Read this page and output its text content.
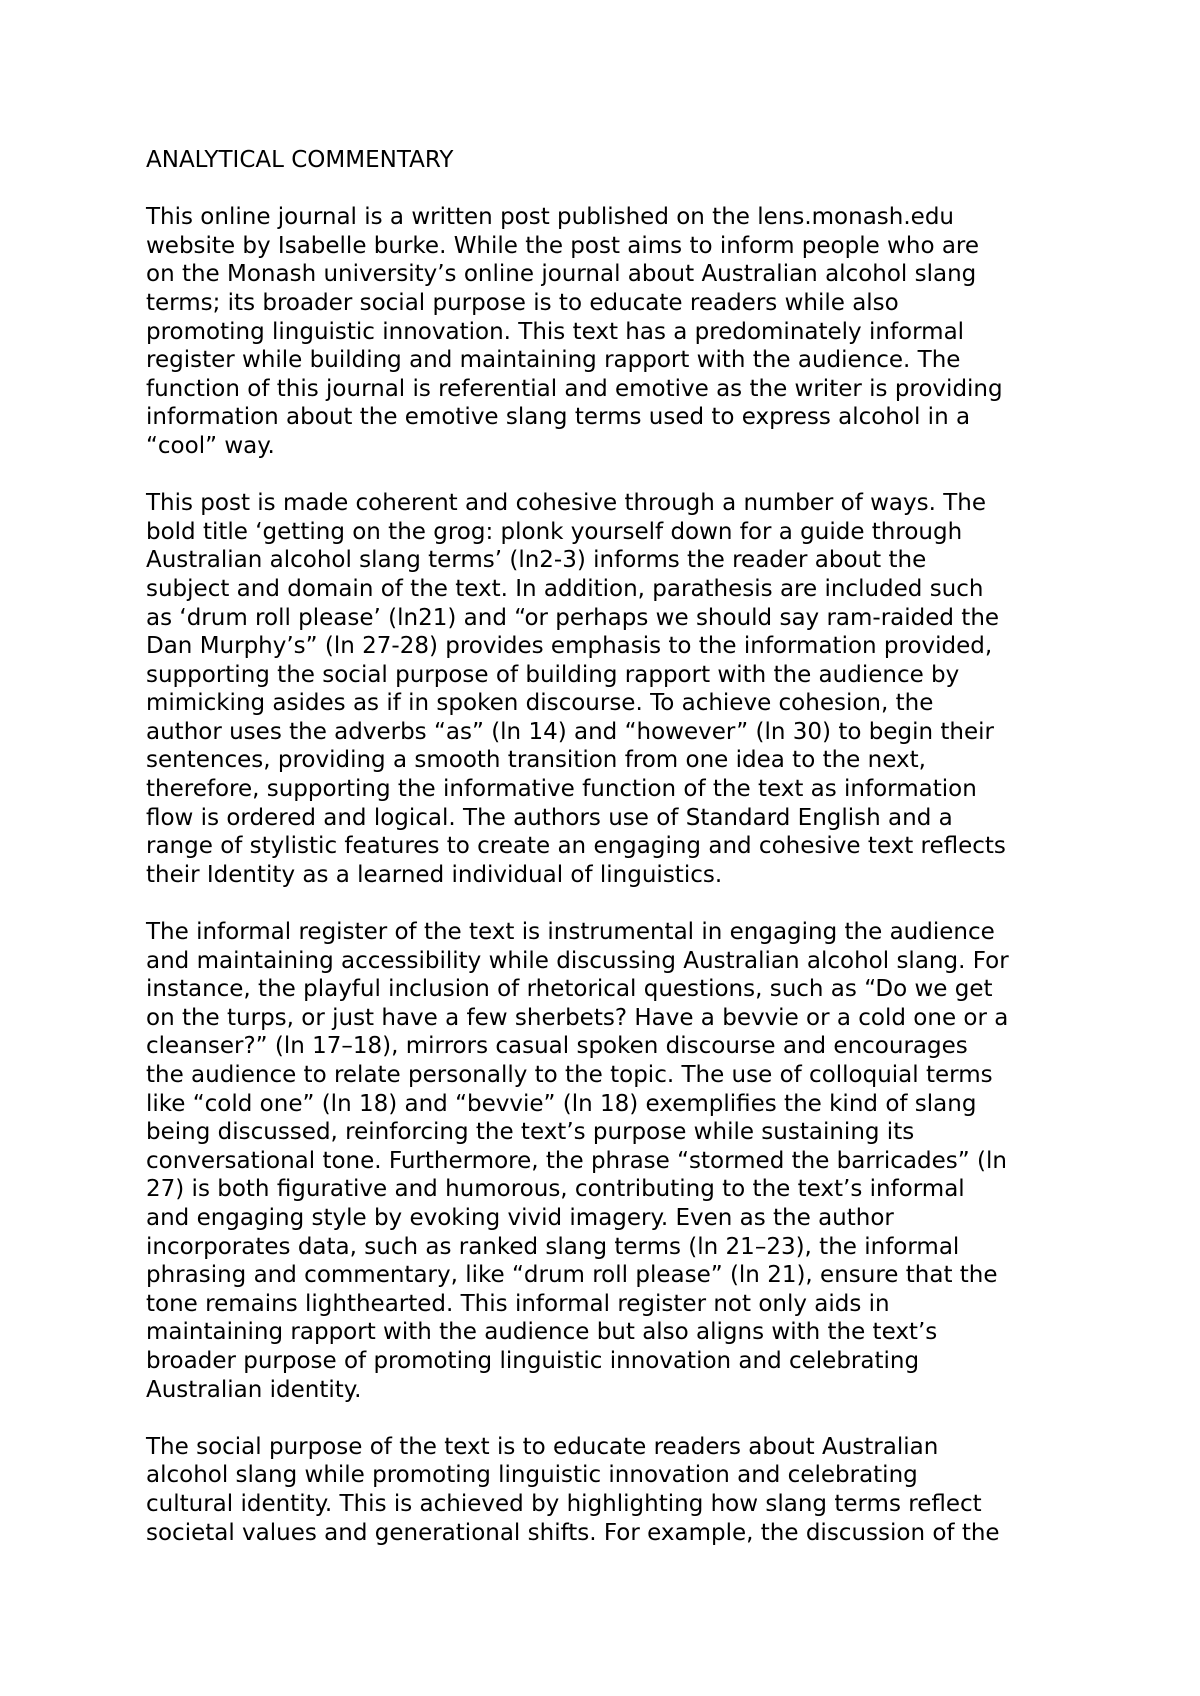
ANALYTICAL COMMENTARY

This online journal is a written post published on the lens.monash.edu
website by Isabelle burke. While the post aims to inform people who are
on the Monash university’s online journal about Australian alcohol slang
terms; its broader social purpose is to educate readers while also
promoting linguistic innovation. This text has a predominately informal
register while building and maintaining rapport with the audience. The
function of this journal is referential and emotive as the writer is providing
information about the emotive slang terms used to express alcohol in a
“cool” way.

This post is made coherent and cohesive through a number of ways. The
bold title ‘getting on the grog: plonk yourself down for a guide through
Australian alcohol slang terms’ (ln2-3) informs the reader about the
subject and domain of the text. In addition, parathesis are included such
as ‘drum roll please’ (ln21) and “or perhaps we should say ram-raided the
Dan Murphy’s” (ln 27-28) provides emphasis to the information provided,
supporting the social purpose of building rapport with the audience by
mimicking asides as if in spoken discourse. To achieve cohesion, the
author uses the adverbs “as” (ln 14) and “however” (ln 30) to begin their
sentences, providing a smooth transition from one idea to the next,
therefore, supporting the informative function of the text as information
flow is ordered and logical. The authors use of Standard English and a
range of stylistic features to create an engaging and cohesive text reflects
their Identity as a learned individual of linguistics.

The informal register of the text is instrumental in engaging the audience
and maintaining accessibility while discussing Australian alcohol slang. For
instance, the playful inclusion of rhetorical questions, such as “Do we get
on the turps, or just have a few sherbets? Have a bevvie or a cold one or a
cleanser?” (ln 17–18), mirrors casual spoken discourse and encourages
the audience to relate personally to the topic. The use of colloquial terms
like “cold one” (ln 18) and “bevvie” (ln 18) exemplifies the kind of slang
being discussed, reinforcing the text’s purpose while sustaining its
conversational tone. Furthermore, the phrase “stormed the barricades” (ln
27) is both figurative and humorous, contributing to the text’s informal
and engaging style by evoking vivid imagery. Even as the author
incorporates data, such as ranked slang terms (ln 21–23), the informal
phrasing and commentary, like “drum roll please” (ln 21), ensure that the
tone remains lighthearted. This informal register not only aids in
maintaining rapport with the audience but also aligns with the text’s
broader purpose of promoting linguistic innovation and celebrating
Australian identity.

The social purpose of the text is to educate readers about Australian
alcohol slang while promoting linguistic innovation and celebrating
cultural identity. This is achieved by highlighting how slang terms reflect
societal values and generational shifts. For example, the discussion of the
